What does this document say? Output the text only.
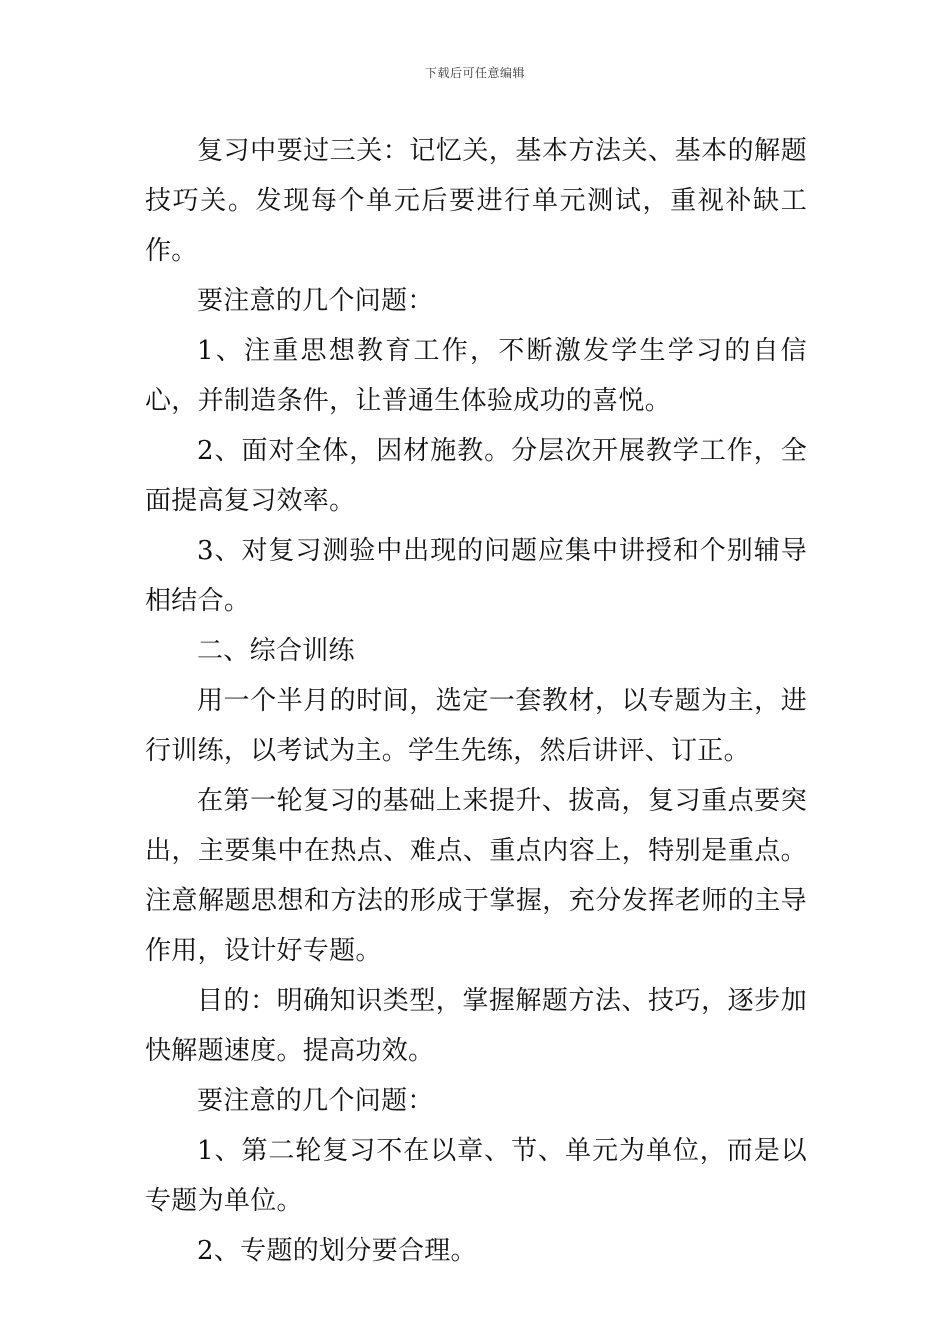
下载后可任意编辑

复习中要过三关：记忆关，基本方法关、基本的解题技巧关。发现每个单元后要进行单元测试，重视补缺工作。

要注意的几个问题：

1、注重思想教育工作，不断激发学生学习的自信心，并制造条件，让普通生体验成功的喜悦。

2、面对全体，因材施教。分层次开展教学工作，全面提高复习效率。

3、对复习测验中出现的问题应集中讲授和个别辅导相结合。

二、综合训练

用一个半月的时间，选定一套教材，以专题为主，进行训练，以考试为主。学生先练，然后讲评、订正。

在第一轮复习的基础上来提升、拔高，复习重点要突出，主要集中在热点、难点、重点内容上，特别是重点。注意解题思想和方法的形成于掌握，充分发挥老师的主导作用，设计好专题。

目的：明确知识类型，掌握解题方法、技巧，逐步加快解题速度。提高功效。

要注意的几个问题：

1、第二轮复习不在以章、节、单元为单位，而是以专题为单位。

2、专题的划分要合理。
